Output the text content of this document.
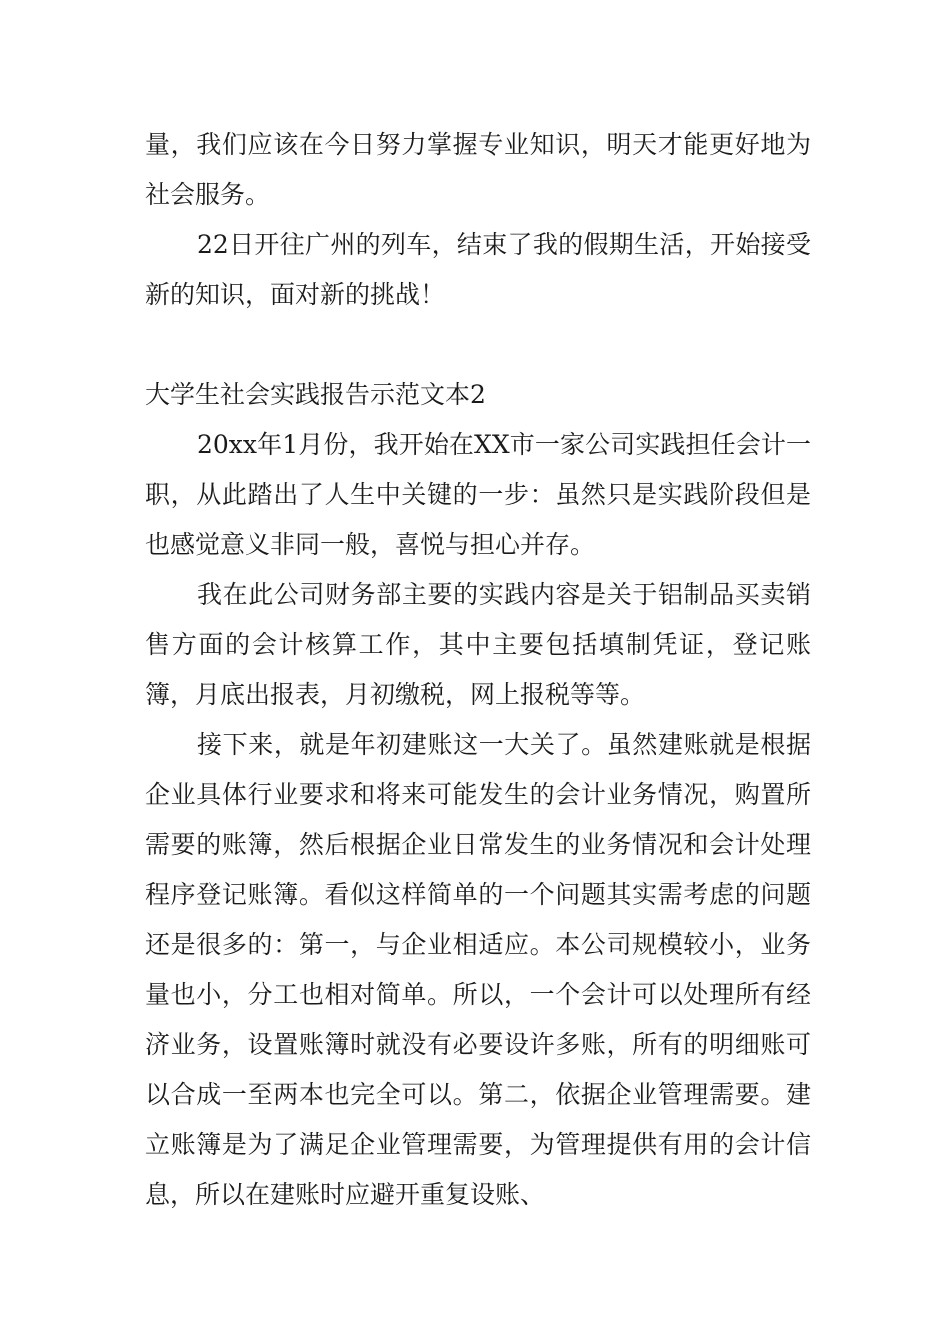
量，我们应该在今日努力掌握专业知识，明天才能更好地为社会服务。

22日开往广州的列车，结束了我的假期生活，开始接受新的知识，面对新的挑战！

大学生社会实践报告示范文本2

20xx年1月份，我开始在XX市一家公司实践担任会计一职，从此踏出了人生中关键的一步：虽然只是实践阶段但是也感觉意义非同一般，喜悦与担心并存。

我在此公司财务部主要的实践内容是关于铝制品买卖销售方面的会计核算工作，其中主要包括填制凭证，登记账簿，月底出报表，月初缴税，网上报税等等。

接下来，就是年初建账这一大关了。虽然建账就是根据企业具体行业要求和将来可能发生的会计业务情况，购置所需要的账簿，然后根据企业日常发生的业务情况和会计处理程序登记账簿。看似这样简单的一个问题其实需考虑的问题还是很多的：第一，与企业相适应。本公司规模较小，业务量也小，分工也相对简单。所以，一个会计可以处理所有经济业务，设置账簿时就没有必要设许多账，所有的明细账可以合成一至两本也完全可以。第二，依据企业管理需要。建立账簿是为了满足企业管理需要，为管理提供有用的会计信息，所以在建账时应避开重复设账、
